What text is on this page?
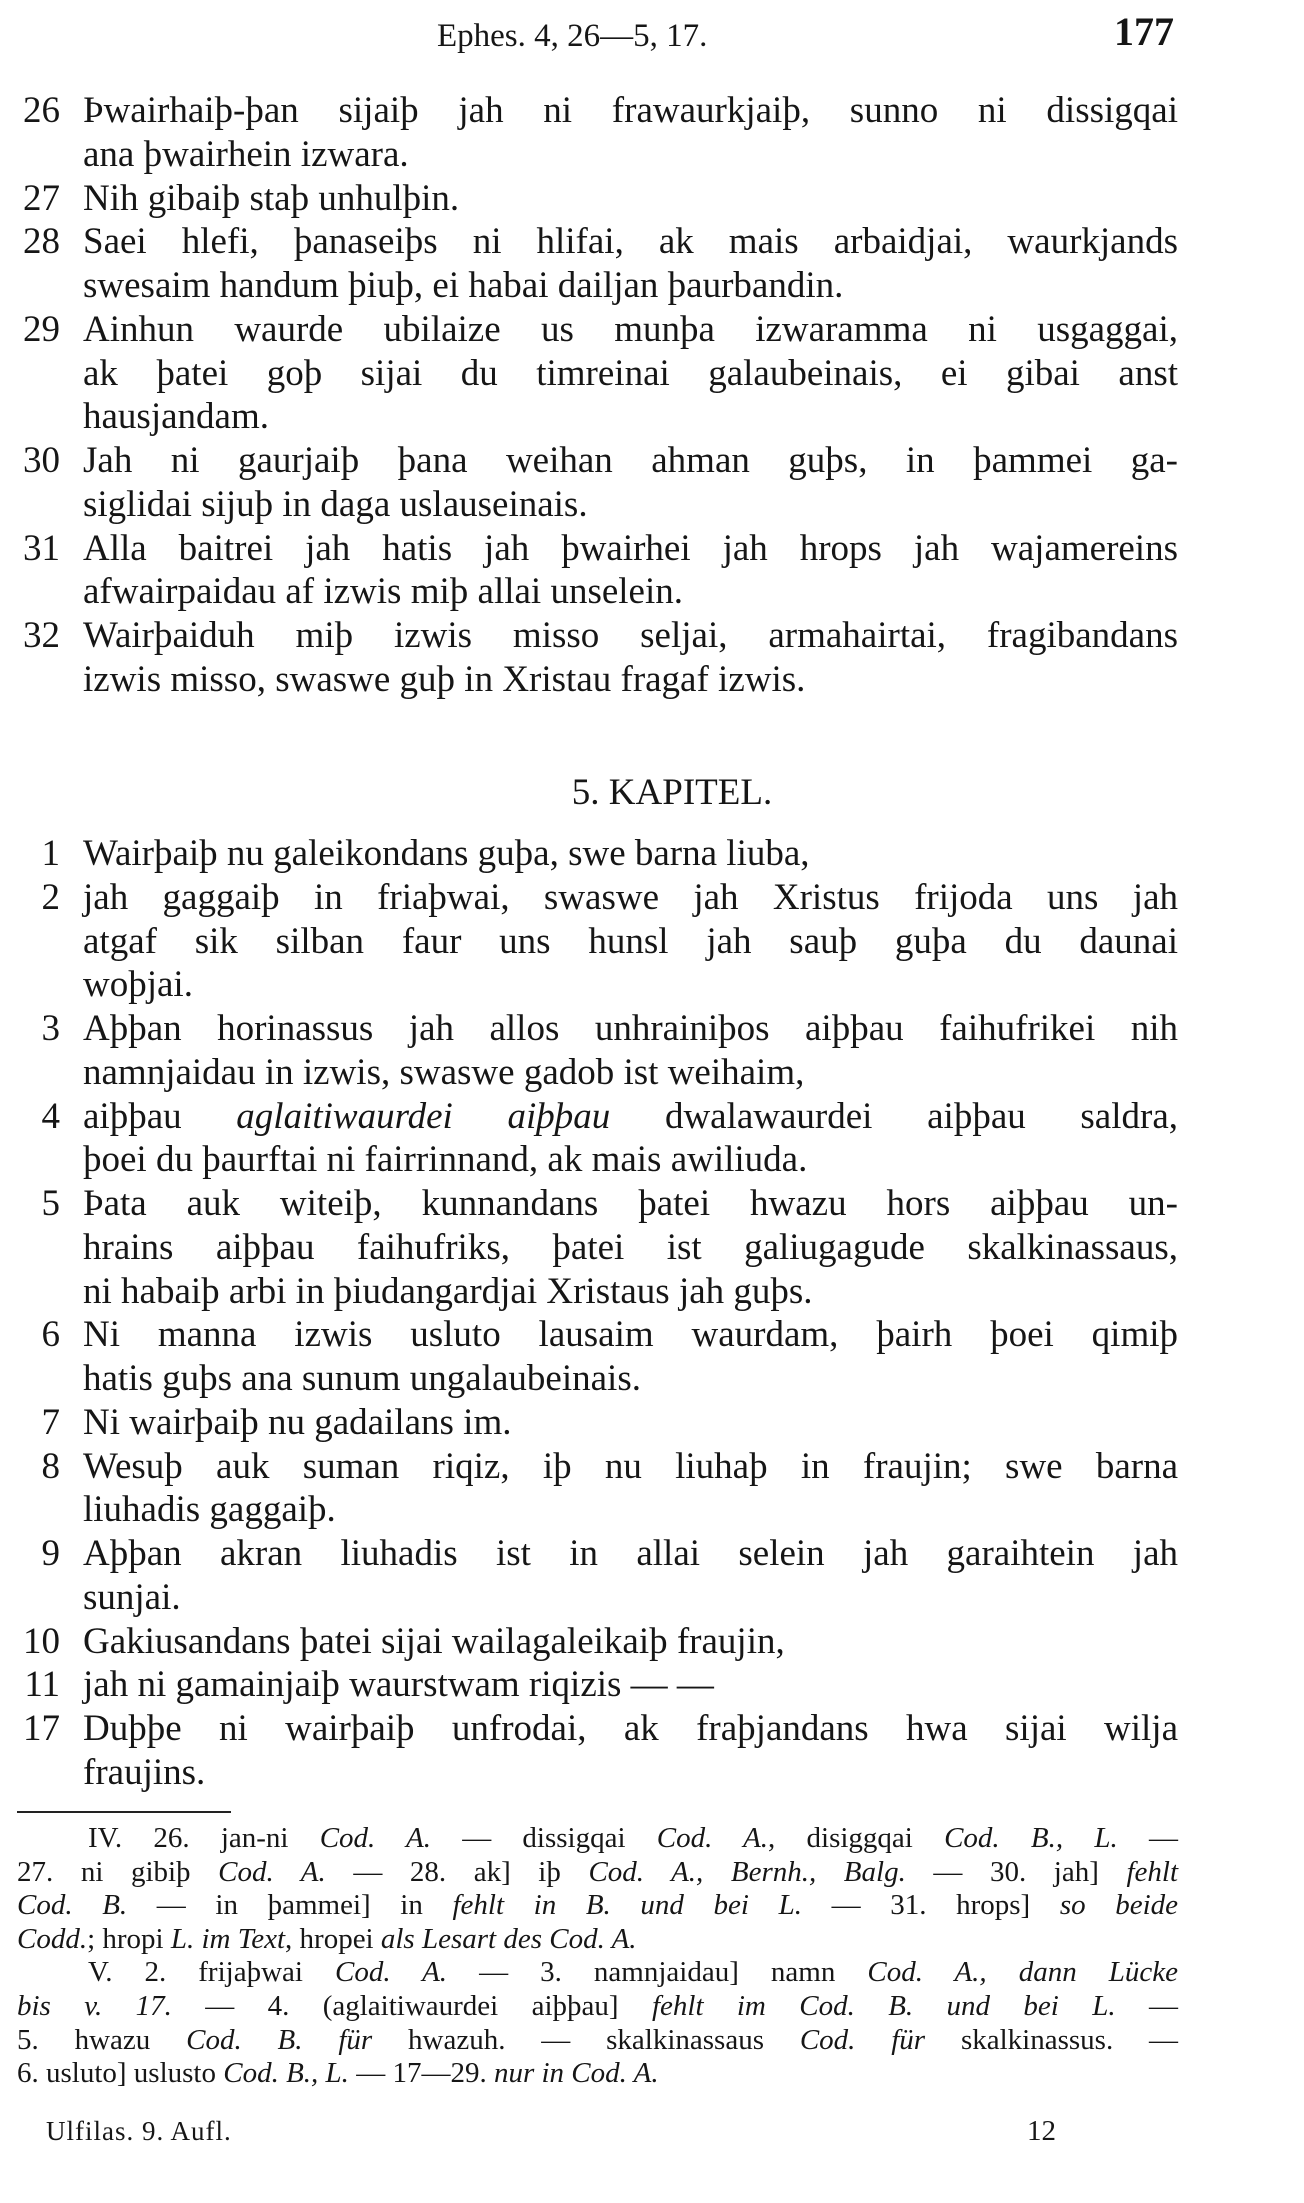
Ephes. 4, 26—5, 17.	177
26 Þwairhaiþ-þan sijaiþ jah ni frawaurkjaiþ, sunno ni dissigqai
ana þwairhein izwara.
27 Nih gibaiþ staþ unhulþin.
28 Saei hlefi, þanaseiþs ni hlifai, ak mais arbaidjai, waurkjands
swesaim handum þiuþ, ei habai dailjan þaurbandin.
29 Ainhun waurde ubilaize us munþa izwaramma ni usgaggai,
ak þatei goþ sijai du timreinai galaubeinais, ei gibai anst
hausjandam.
30 Jah ni gaurjaiþ þana weihan ahman guþs, in þammei ga-
siglidai sijuþ in daga uslauseinais.
31 Alla baitrei jah hatis jah þwairhei jah hrops jah wajamereins
afwairpaidau af izwis miþ allai unselein.
32 Wairþaiduh miþ izwis misso seljai, armahairtai, fragibandans
izwis misso, swaswe guþ in Xristau fragaf izwis.
5. KAPITEL.
1 Wairþaiþ nu galeikondans guþa, swe barna liuba,
2 jah gaggaiþ in friaþwai, swaswe jah Xristus frijoda uns jah
atgaf sik silban faur uns hunsl jah sauþ guþa du daunai
woþjai.
3 Aþþan horinassus jah allos unhrainiþos aiþþau faihufrikei nih
namnjaidau in izwis, swaswe gadob ist weihaim,
4 aiþþau aglaitiwaurdei aiþþau dwalawaurdei aiþþau saldra,
þoei du þaurftai ni fairrinnand, ak mais awiliuda.
5 Þata auk witeiþ, kunnandans þatei hwazu hors aiþþau un-
hrains aiþþau faihufriks, þatei ist galiugagude skalkinassaus,
ni habaiþ arbi in þiudangardjai Xristaus jah guþs.
6 Ni manna izwis usluto lausaim waurdam, þairh þoei qimiþ
hatis guþs ana sunum ungalaubeinais.
7 Ni wairþaiþ nu gadailans im.
8 Wesuþ auk suman riqiz, iþ nu liuhaþ in fraujin; swe barna
liuhadis gaggaiþ.
9 Aþþan akran liuhadis ist in allai selein jah garaihtein jah
sunjai.
10 Gakiusandans þatei sijai wailagaleikaiþ fraujin,
11 jah ni gamainjaiþ waurstwam riqizis — —
17 Duþþe ni wairþaiþ unfrodai, ak fraþjandans hwa sijai wilja
fraujins.
IV. 26. jan-ni Cod. A. — dissigqai Cod. A., disiggqai Cod. B., L. —
27. ni gibiþ Cod. A. — 28. ak] iþ Cod. A., Bernh., Balg. — 30. jah] fehlt
Cod. B. — in þammei] in fehlt in B. und bei L. — 31. hrops] so beide
Codd.; hropi L. im Text, hropei als Lesart des Cod. A.
V. 2. frijaþwai Cod. A. — 3. namnjaidau] namn Cod. A., dann Lücke
bis v. 17. — 4. (aglaitiwaurdei aiþþau] fehlt im Cod. B. und bei L. —
5. hwazu Cod. B. für hwazuh. — skalkinassaus Cod. für skalkinassus. —
6. usluto] uslusto Cod. B., L. — 17—29. nur in Cod. A.
Ulfilas. 9. Aufl.	12
